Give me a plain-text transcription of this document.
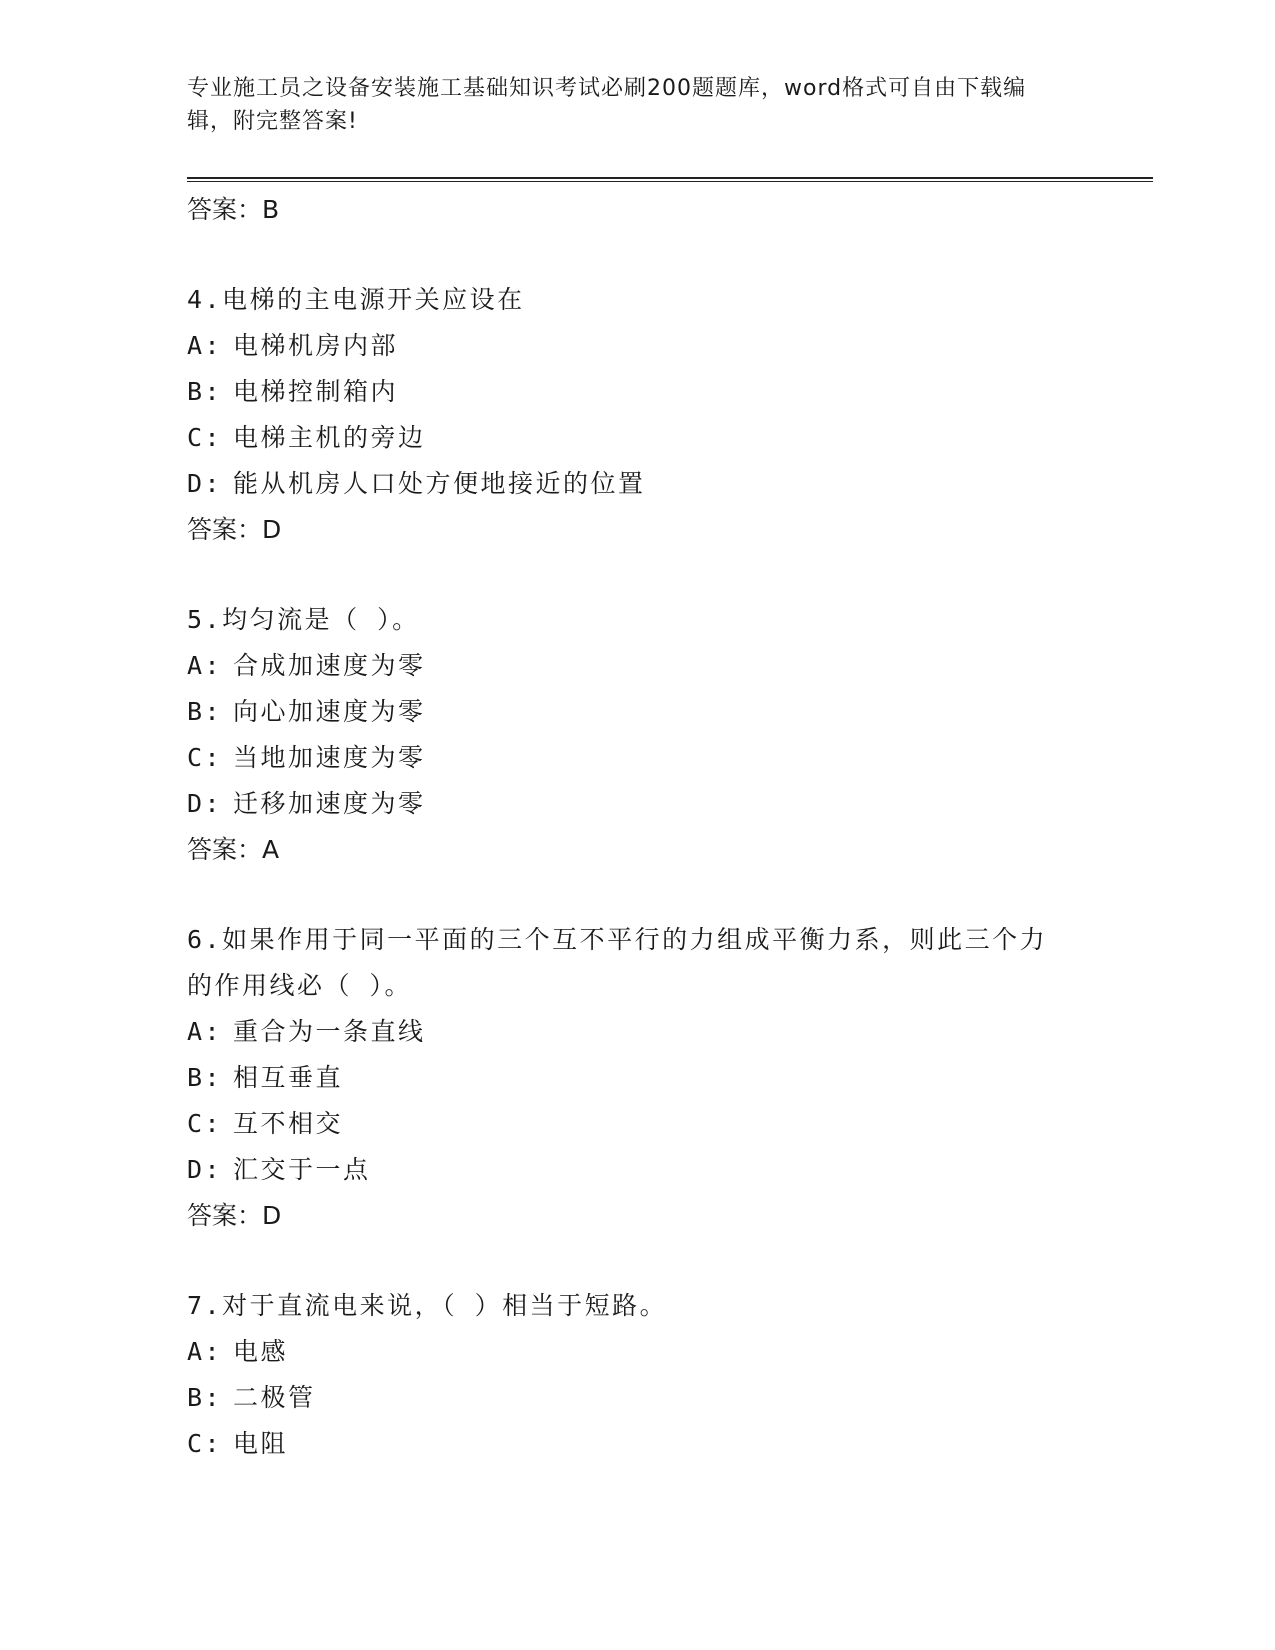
专业施工员之设备安装施工基础知识考试必刷200题题库，word格式可自由下载编辑，附完整答案!
答案：B
4.电梯的主电源开关应设在
A: 电梯机房内部
B: 电梯控制箱内
C: 电梯主机的旁边
D: 能从机房人口处方便地接近的位置
答案：D
5.均匀流是（ ）。
A: 合成加速度为零
B: 向心加速度为零
C: 当地加速度为零
D: 迁移加速度为零
答案：A
6.如果作用于同一平面的三个互不平行的力组成平衡力系，则此三个力的作用线必（ ）。
A: 重合为一条直线
B: 相互垂直
C: 互不相交
D: 汇交于一点
答案：D
7.对于直流电来说，（ ）相当于短路。
A: 电感
B: 二极管
C: 电阻
